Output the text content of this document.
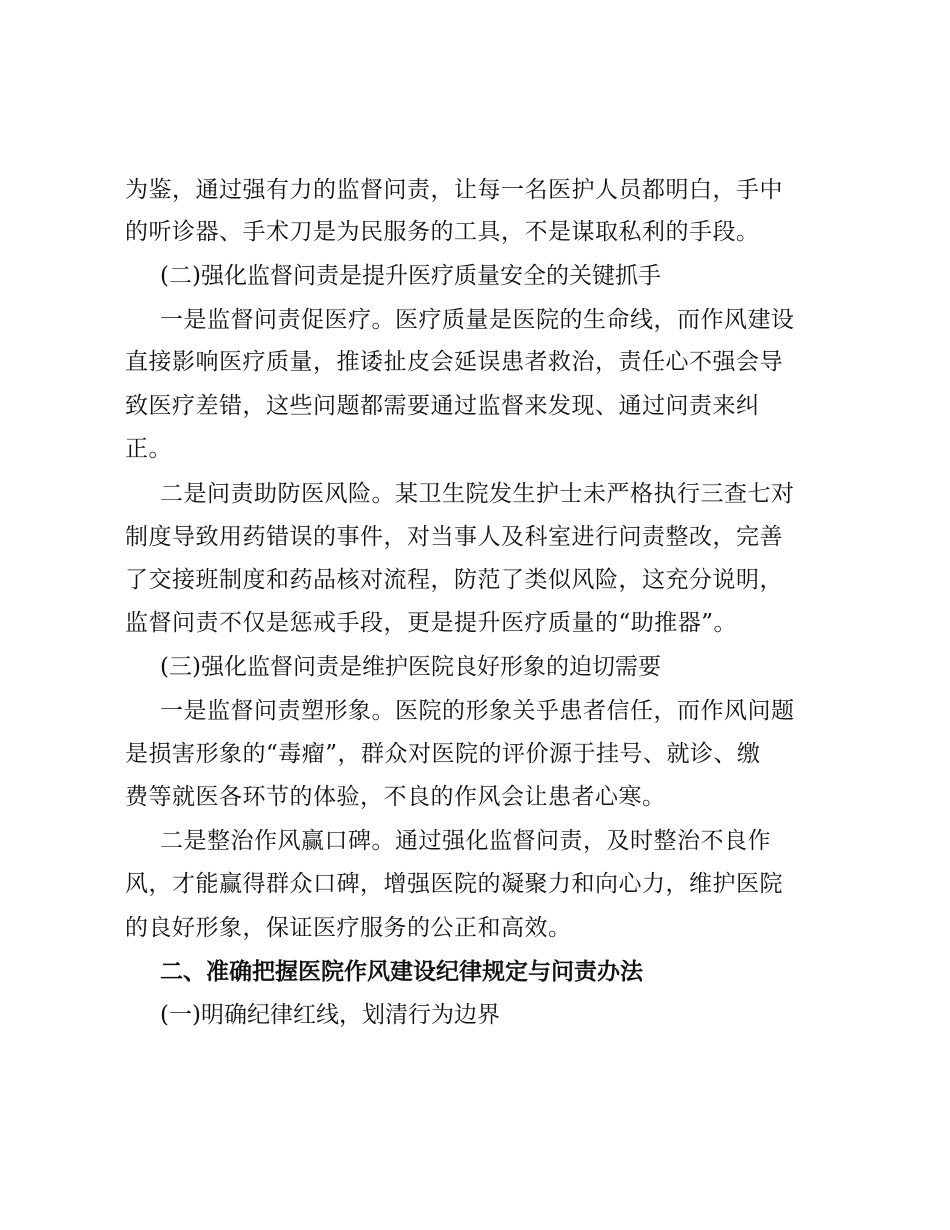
为鉴，通过强有力的监督问责，让每一名医护人员都明白，手中
的听诊器、手术刀是为民服务的工具，不是谋取私利的手段。
(二)强化监督问责是提升医疗质量安全的关键抓手
一是监督问责促医疗。医疗质量是医院的生命线，而作风建设
直接影响医疗质量，推诿扯皮会延误患者救治，责任心不强会导
致医疗差错，这些问题都需要通过监督来发现、通过问责来纠
正。
二是问责助防医风险。某卫生院发生护士未严格执行三查七对
制度导致用药错误的事件，对当事人及科室进行问责整改，完善
了交接班制度和药品核对流程，防范了类似风险，这充分说明，
监督问责不仅是惩戒手段，更是提升医疗质量的“助推器”。
(三)强化监督问责是维护医院良好形象的迫切需要
一是监督问责塑形象。医院的形象关乎患者信任，而作风问题
是损害形象的“毒瘤”，群众对医院的评价源于挂号、就诊、缴
费等就医各环节的体验，不良的作风会让患者心寒。
二是整治作风赢口碑。通过强化监督问责，及时整治不良作
风，才能赢得群众口碑，增强医院的凝聚力和向心力，维护医院
的良好形象，保证医疗服务的公正和高效。
二、准确把握医院作风建设纪律规定与问责办法
(一)明确纪律红线，划清行为边界
